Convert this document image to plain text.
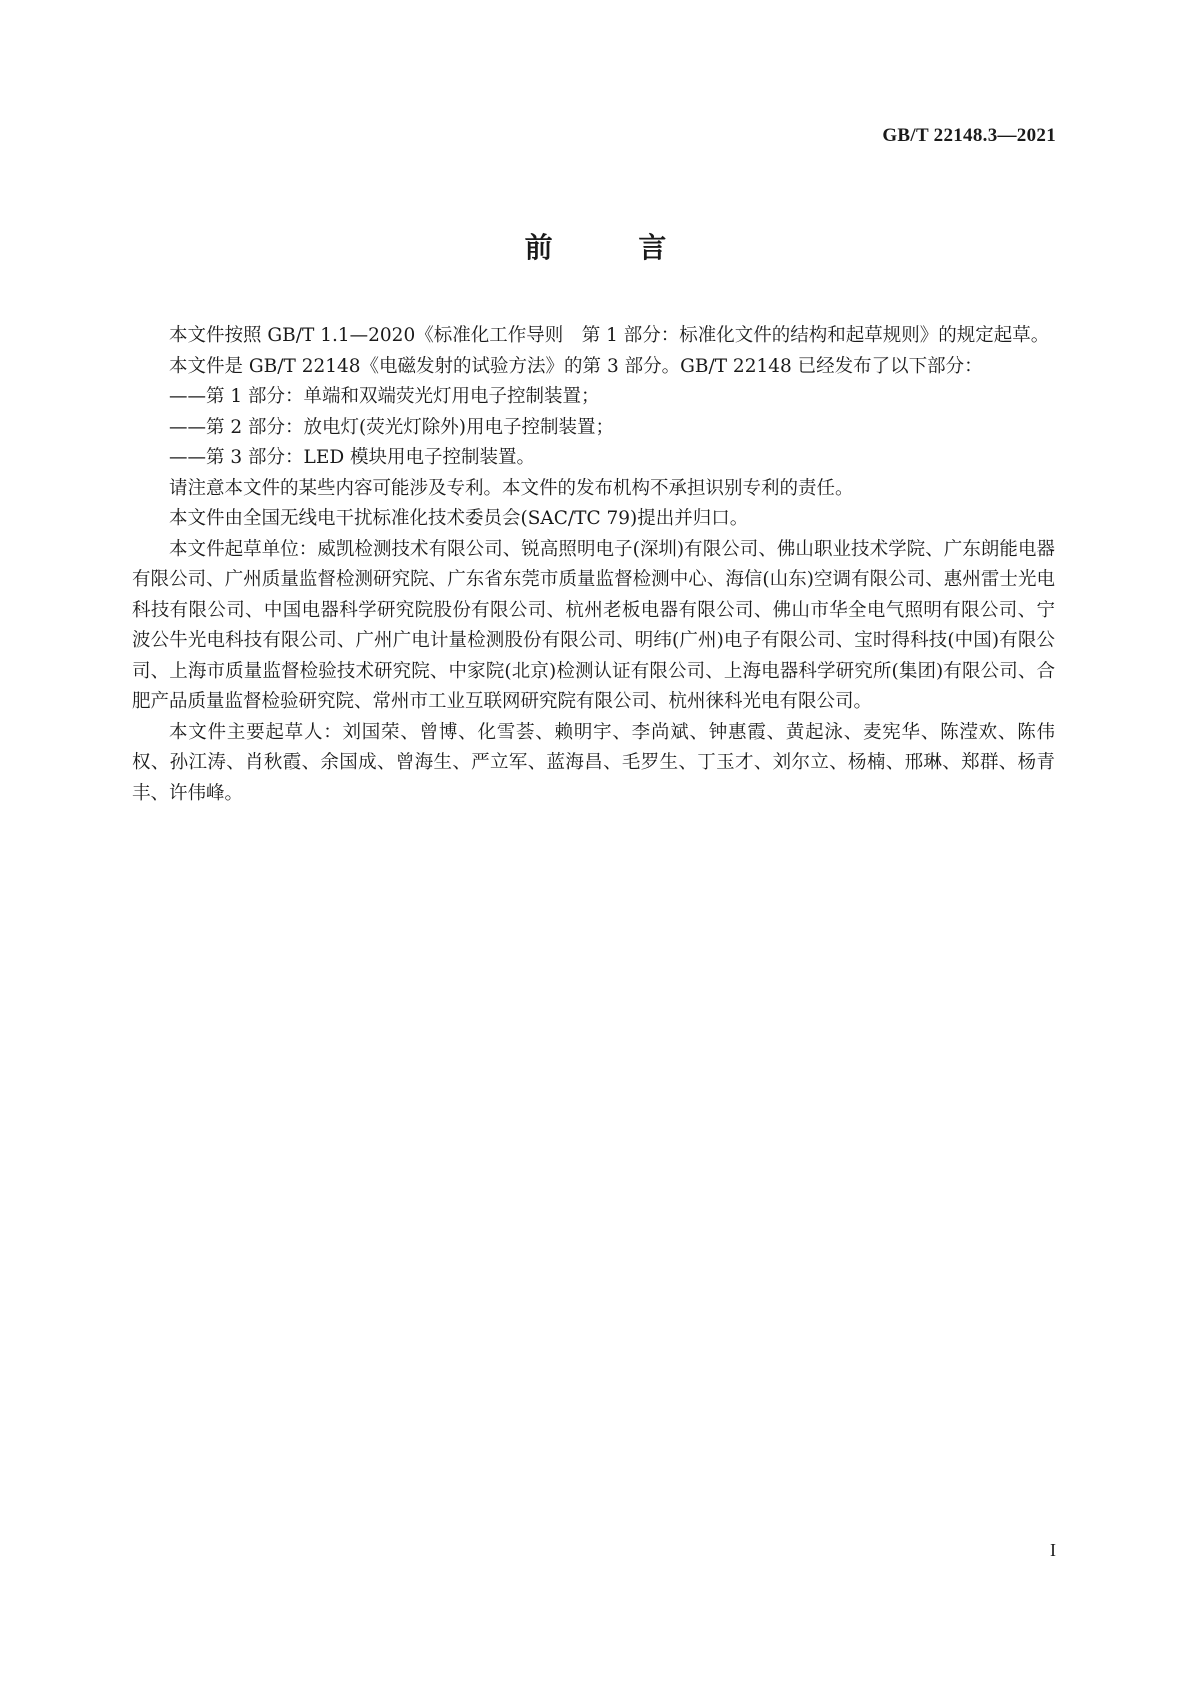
GB/T 22148.3—2021
前 言

本文件按照 GB/T 1.1—2020《标准化工作导则　第 1 部分：标准化文件的结构和起草规则》的规定起草。

本文件是 GB/T 22148《电磁发射的试验方法》的第 3 部分。GB/T 22148 已经发布了以下部分：

——第 1 部分：单端和双端荧光灯用电子控制装置；

——第 2 部分：放电灯(荧光灯除外)用电子控制装置；

——第 3 部分：LED 模块用电子控制装置。

请注意本文件的某些内容可能涉及专利。本文件的发布机构不承担识别专利的责任。

本文件由全国无线电干扰标准化技术委员会(SAC/TC 79)提出并归口。

本文件起草单位：威凯检测技术有限公司、锐高照明电子(深圳)有限公司、佛山职业技术学院、广东朗能电器有限公司、广州质量监督检测研究院、广东省东莞市质量监督检测中心、海信(山东)空调有限公司、惠州雷士光电科技有限公司、中国电器科学研究院股份有限公司、杭州老板电器有限公司、佛山市华全电气照明有限公司、宁波公牛光电科技有限公司、广州广电计量检测股份有限公司、明纬(广州)电子有限公司、宝时得科技(中国)有限公司、上海市质量监督检验技术研究院、中家院(北京)检测认证有限公司、上海电器科学研究所(集团)有限公司、合肥产品质量监督检验研究院、常州市工业互联网研究院有限公司、杭州徕科光电有限公司。

本文件主要起草人：刘国荣、曾博、化雪荟、赖明宇、李尚斌、钟惠霞、黄起泳、麦宪华、陈滢欢、陈伟权、孙江涛、肖秋霞、余国成、曾海生、严立军、蓝海昌、毛罗生、丁玉才、刘尔立、杨楠、邢琳、郑群、杨青丰、许伟峰。

I
